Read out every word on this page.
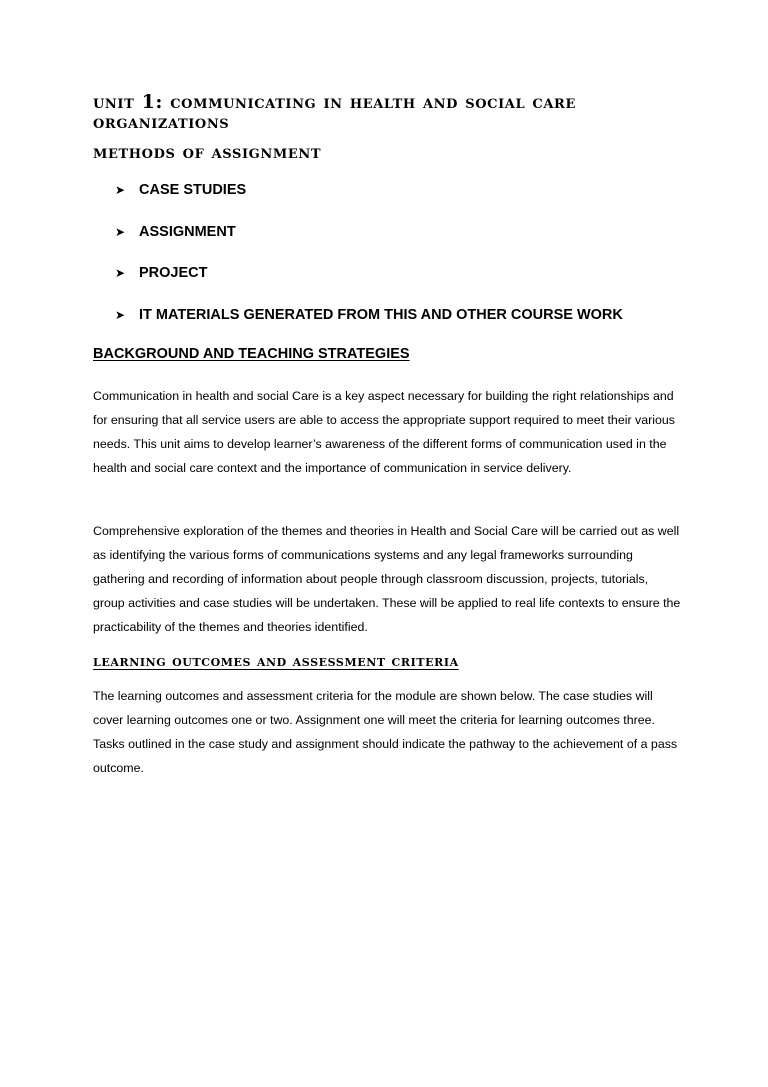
unit 1: communicating in health and social care organizations
methods of assignment
➤ CASE STUDIES
➤ ASSIGNMENT
➤ PROJECT
➤ IT MATERIALS GENERATED FROM THIS AND OTHER COURSE WORK
BACKGROUND AND TEACHING STRATEGIES

Communication in health and social Care is a key aspect necessary for building the right relationships and for ensuring that all service users are able to access the appropriate support required to meet their various needs. This unit aims to develop learner’s awareness of the different forms of communication used in the health and social care context and the importance of communication in service delivery.

Comprehensive exploration of the themes and theories in Health and Social Care will be carried out as well as identifying the various forms of communications systems and any legal frameworks surrounding gathering and recording of information about people through classroom discussion, projects, tutorials, group activities and case studies will be undertaken. These will be applied to real life contexts to ensure the practicability of the themes and theories identified.

learning outcomes and assessment criteria

The learning outcomes and assessment criteria for the module are shown below. The case studies will cover learning outcomes one or two. Assignment one will meet the criteria for learning outcomes three. Tasks outlined in the case study and assignment should indicate the pathway to the achievement of a pass outcome.
